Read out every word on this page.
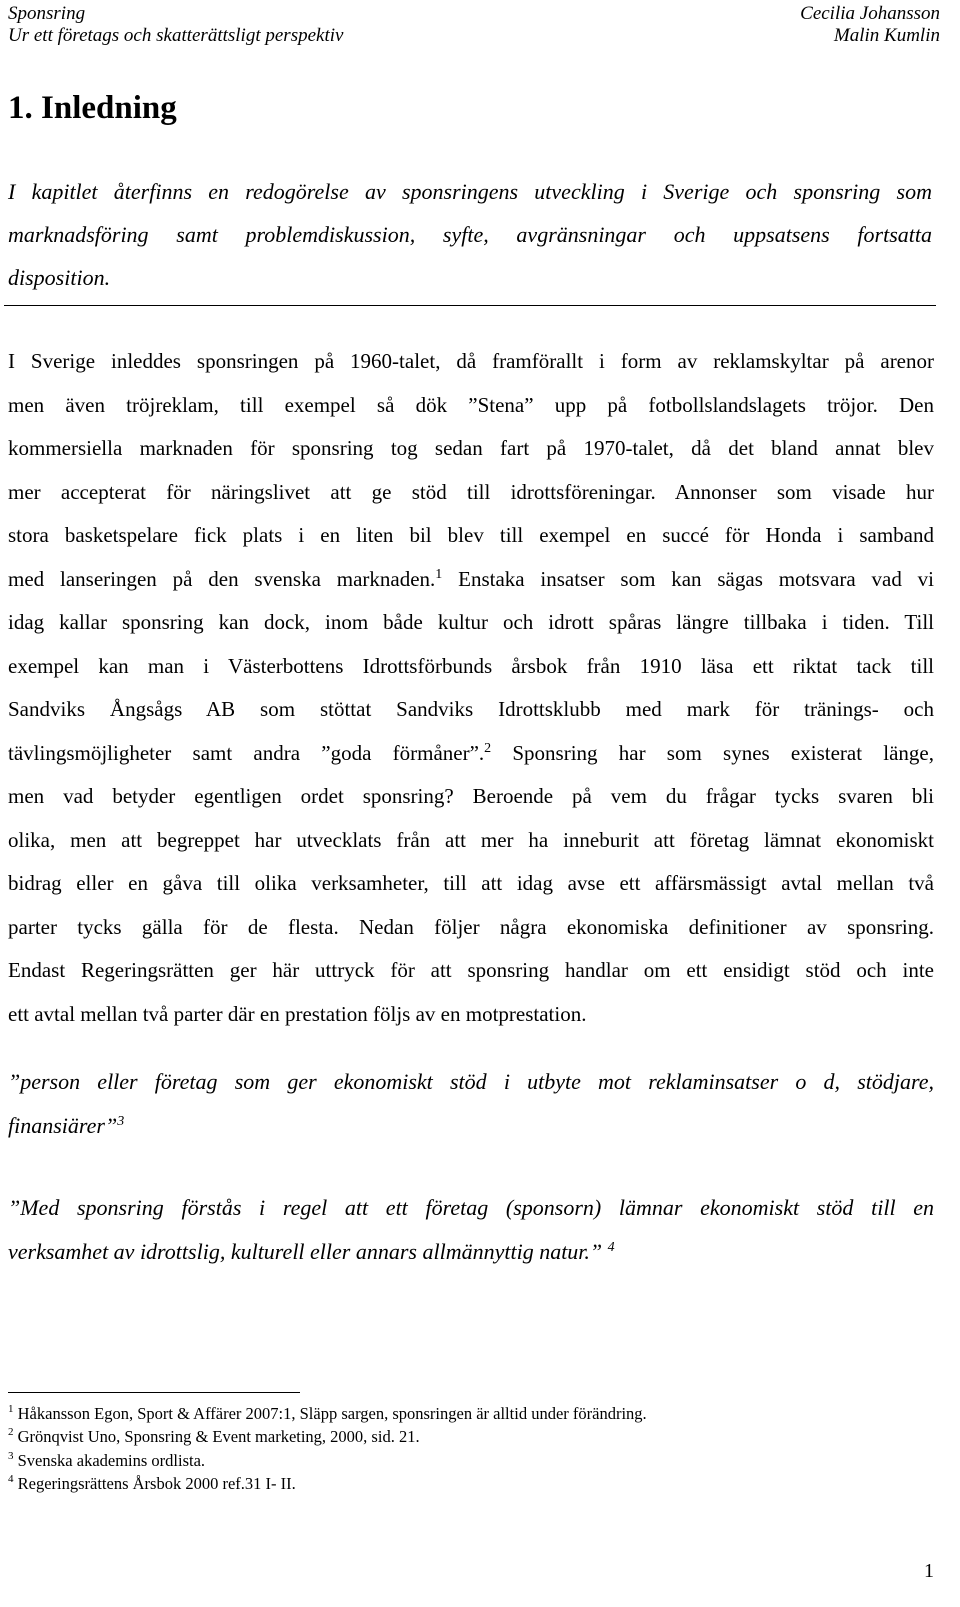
Sponsring
Ur ett företags och skatterättsligt perspektiv
Cecilia Johansson
Malin Kumlin
1. Inledning
I kapitlet återfinns en redogörelse av sponsringens utveckling i Sverige och sponsring som
marknadsföring samt problemdiskussion, syfte, avgränsningar och uppsatsens fortsatta
disposition.
I Sverige inleddes sponsringen på 1960-talet, då framförallt i form av reklamskyltar på arenor
men även tröjreklam, till exempel så dök ”Stena” upp på fotbollslandslagets tröjor. Den
kommersiella marknaden för sponsring tog sedan fart på 1970-talet, då det bland annat blev
mer accepterat för näringslivet att ge stöd till idrottsföreningar. Annonser som visade hur
stora basketspelare fick plats i en liten bil blev till exempel en succé för Honda i samband
med lanseringen på den svenska marknaden.$^1$ Enstaka insatser som kan sägas motsvara vad vi
idag kallar sponsring kan dock, inom både kultur och idrott spåras längre tillbaka i tiden. Till
exempel kan man i Västerbottens Idrottsförbunds årsbok från 1910 läsa ett riktat tack till
Sandviks Ångsågs AB som stöttat Sandviks Idrottsklubb med mark för tränings- och
tävlingsmöjligheter samt andra ”goda förmåner”.$^2$ Sponsring har som synes existerat länge,
men vad betyder egentligen ordet sponsring? Beroende på vem du frågar tycks svaren bli
olika, men att begreppet har utvecklats från att mer ha inneburit att företag lämnat ekonomiskt
bidrag eller en gåva till olika verksamheter, till att idag avse ett affärsmässigt avtal mellan två
parter tycks gälla för de flesta. Nedan följer några ekonomiska definitioner av sponsring.
Endast Regeringsrätten ger här uttryck för att sponsring handlar om ett ensidigt stöd och inte
ett avtal mellan två parter där en prestation följs av en motprestation.
”person eller företag som ger ekonomiskt stöd i utbyte mot reklaminsatser o d, stödjare,
finansiärer”$^3$
”Med sponsring förstås i regel att ett företag (sponsorn) lämnar ekonomiskt stöd till en
verksamhet av idrottslig, kulturell eller annars allmännyttig natur.” $^4$
$^1$ Håkansson Egon, Sport & Affärer 2007:1, Släpp sargen, sponsringen är alltid under förändring.
$^2$ Grönqvist Uno, Sponsring & Event marketing, 2000, sid. 21.
$^3$ Svenska akademins ordlista.
$^4$ Regeringsrättens Årsbok 2000 ref.31 I- II.
1
